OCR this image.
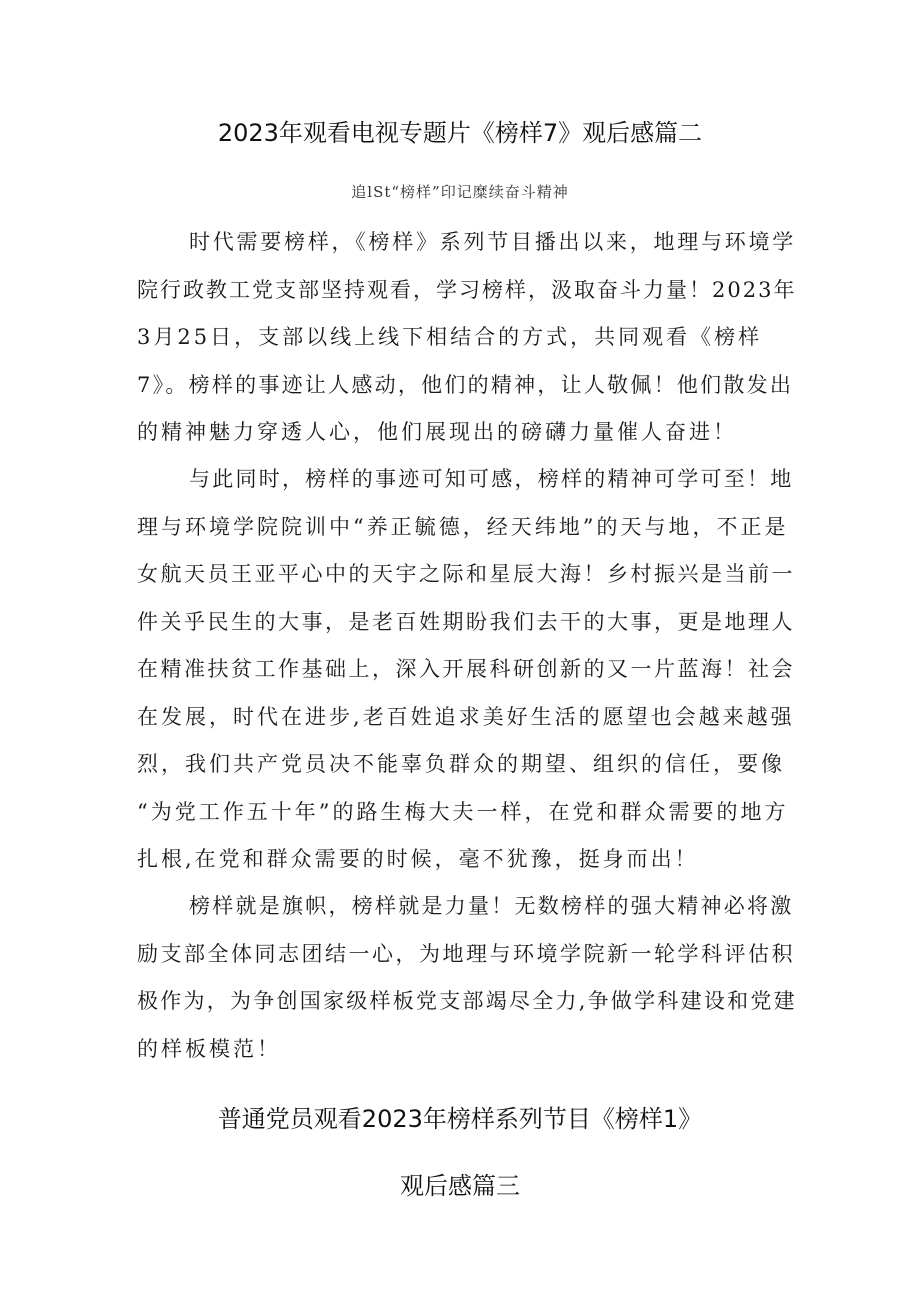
2023年观看电视专题片《榜样7》观后感篇二
追lSt“榜样”印记糜续奋斗精神
时代需要榜样，《榜样》系列节目播出以来，地理与环境学
院行政教工党支部坚持观看，学习榜样，汲取奋斗力量！2023年
3月25日，支部以线上线下相结合的方式，共同观看《榜样
7》。榜样的事迹让人感动，他们的精神，让人敬佩！他们散发出
的精神魅力穿透人心，他们展现出的磅礴力量催人奋进！
与此同时，榜样的事迹可知可感，榜样的精神可学可至！地
理与环境学院院训中“养正毓德，经天纬地”的天与地，不正是
女航天员王亚平心中的天宇之际和星辰大海！乡村振兴是当前一
件关乎民生的大事，是老百姓期盼我们去干的大事，更是地理人
在精准扶贫工作基础上，深入开展科研创新的又一片蓝海！社会
在发展，时代在进步,老百姓追求美好生活的愿望也会越来越强
烈，我们共产党员决不能辜负群众的期望、组织的信任，要像
“为党工作五十年”的路生梅大夫一样，在党和群众需要的地方
扎根,在党和群众需要的时候，毫不犹豫，挺身而出！
榜样就是旗帜，榜样就是力量！无数榜样的强大精神必将激
励支部全体同志团结一心，为地理与环境学院新一轮学科评估积
极作为，为争创国家级样板党支部竭尽全力,争做学科建设和党建
的样板模范！
普通党员观看2023年榜样系列节目《榜样1》
观后感篇三
